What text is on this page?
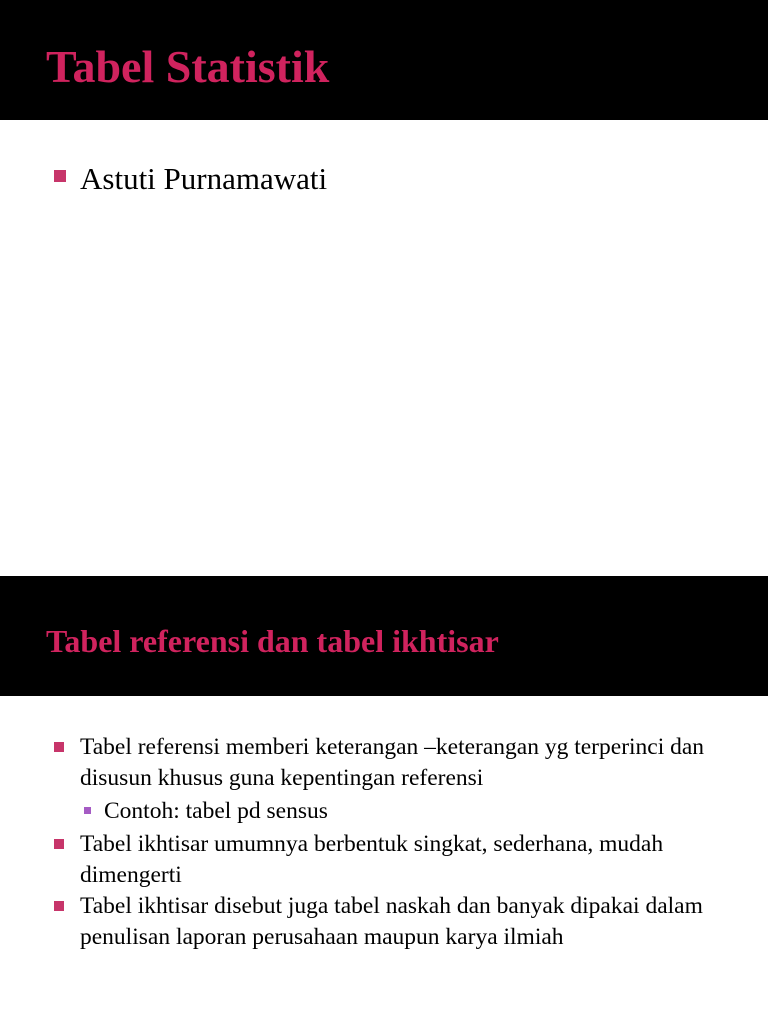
Tabel Statistik
Astuti Purnamawati
Tabel referensi dan tabel ikhtisar
Tabel referensi memberi keterangan –keterangan yg terperinci dan disusun khusus guna kepentingan referensi
Contoh: tabel pd sensus
Tabel ikhtisar umumnya berbentuk singkat, sederhana, mudah dimengerti
Tabel ikhtisar disebut juga tabel naskah dan banyak dipakai dalam penulisan laporan perusahaan maupun karya ilmiah
